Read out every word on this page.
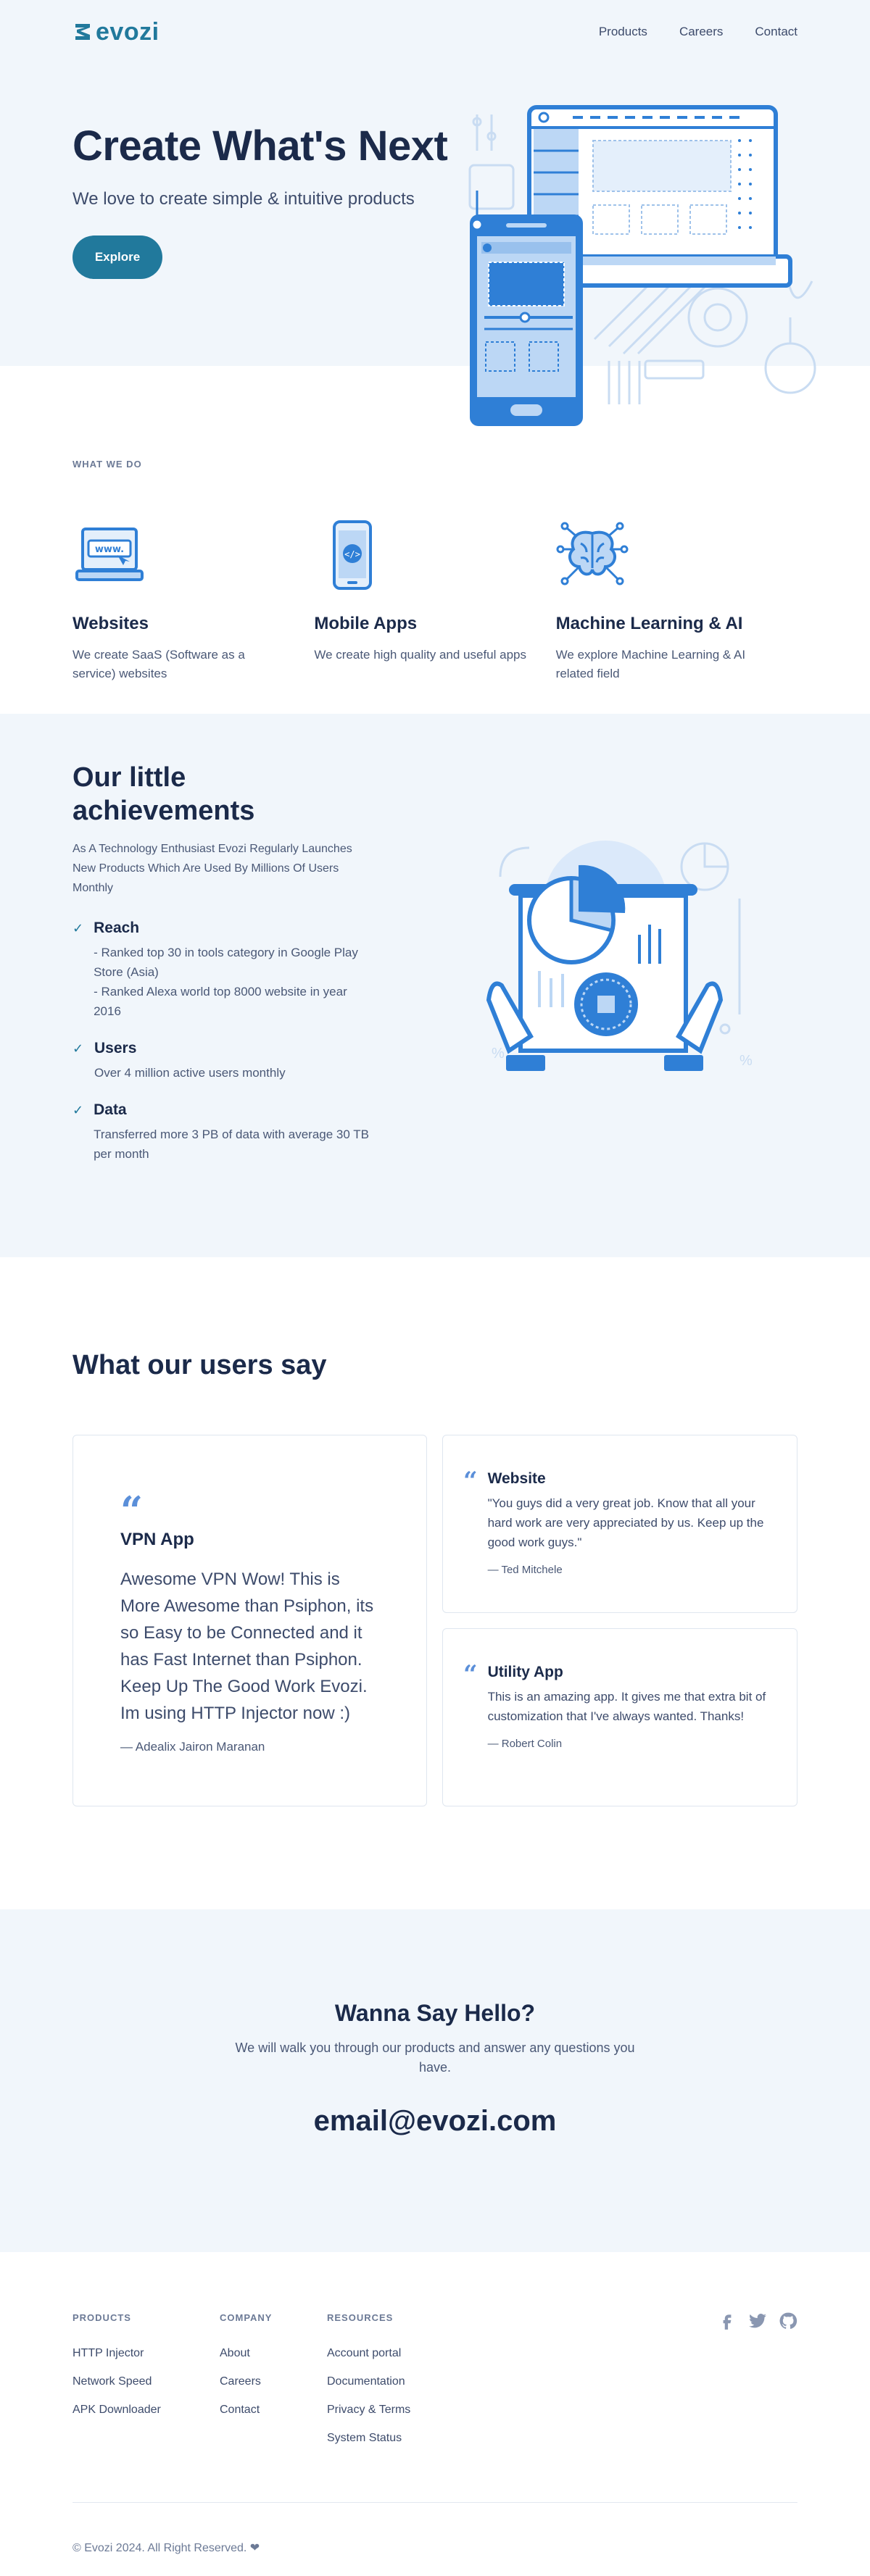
evozi	Products	Careers	Contact
Create What's Next

We love to create simple & intuitive products

Explore
WHAT WE DO
www.
Websites

We create SaaS (Software as a service) websites

</>
Mobile Apps

We create high quality and useful apps

Machine Learning & AI

We explore Machine Learning & AI related field

Our little achievements

As A Technology Enthusiast Evozi Regularly Launches New Products Which Are Used By Millions Of Users Monthly

✓ Reach
- Ranked top 30 in tools category in Google Play Store (Asia)
- Ranked Alexa world top 8000 website in year 2016
✓ Users
Over 4 million active users monthly
✓ Data
Transferred more 3 PB of data with average 30 TB per month
%	%
What our users say
“
VPN App

Awesome VPN Wow! This is More Awesome than Psiphon, its so Easy to be Connected and it has Fast Internet than Psiphon. Keep Up The Good Work Evozi. Im using HTTP Injector now :)

— Adealix Jairon Maranan
“ Website

"You guys did a very great job. Know that all your hard work are very appreciated by us. Keep up the good work guys."

— Ted Mitchele
“ Utility App

This is an amazing app. It gives me that extra bit of customization that I've always wanted. Thanks!

— Robert Colin
Wanna Say Hello?

We will walk you through our products and answer any questions you have.

email@evozi.com
PRODUCTS
HTTP Injector
Network Speed
APK Downloader
COMPANY
About
Careers
Contact
RESOURCES
Account portal
Documentation
Privacy & Terms
System Status
© Evozi 2024. All Right Reserved. ❤
